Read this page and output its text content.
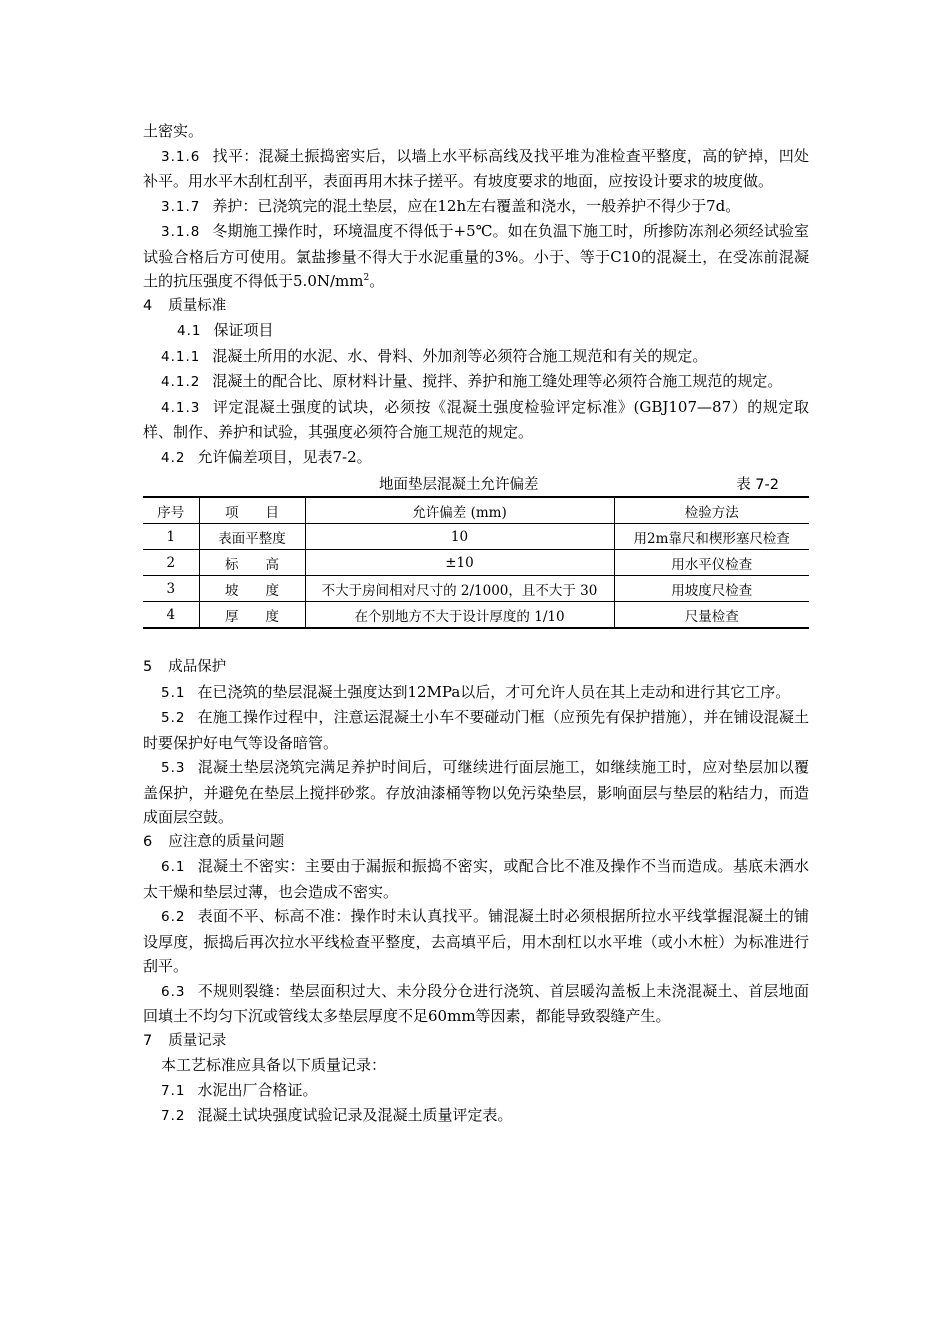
土密实。

3.1.6 找平：混凝土振捣密实后，以墙上水平标高线及找平堆为准检查平整度，高的铲掉，凹处补平。用水平木刮杠刮平，表面再用木抹子搓平。有坡度要求的地面，应按设计要求的坡度做。

3.1.7 养护：已浇筑完的混土垫层，应在12h左右覆盖和浇水，一般养护不得少于7d。

3.1.8 冬期施工操作时，环境温度不得低于+5℃。如在负温下施工时，所掺防冻剂必须经试验室试验合格后方可使用。氯盐掺量不得大于水泥重量的3%。小于、等于C10的混凝土，在受冻前混凝土的抗压强度不得低于$5.0N/mm^2$。

4 质量标准

4.1 保证项目

4.1.1 混凝土所用的水泥、水、骨料、外加剂等必须符合施工规范和有关的规定。

4.1.2 混凝土的配合比、原材料计量、搅拌、养护和施工缝处理等必须符合施工规范的规定。

4.1.3 评定混凝土强度的试块，必须按《混凝土强度检验评定标准》(GBJ107—87）的规定取样、制作、养护和试验，其强度必须符合施工规范的规定。

4.2 允许偏差项目，见表7-2。

地面垫层混凝土允许偏差	表 7-2
序号	项　　目	允许偏差 (mm)	检验方法
1	表面平整度	10	用2m靠尺和楔形塞尺检查
2	标　　高	±10	用水平仪检查
3	坡　　度	不大于房间相对尺寸的 2/1000，且不大于 30	用坡度尺检查
4	厚　　度	在个别地方不大于设计厚度的 1/10	尺量检查

5 成品保护

5.1 在已浇筑的垫层混凝土强度达到12MPa以后，才可允许人员在其上走动和进行其它工序。

5.2 在施工操作过程中，注意运混凝土小车不要碰动门框（应预先有保护措施），并在铺设混凝土时要保护好电气等设备暗管。

5.3 混凝土垫层浇筑完满足养护时间后，可继续进行面层施工，如继续施工时，应对垫层加以覆盖保护，并避免在垫层上搅拌砂浆。存放油漆桶等物以免污染垫层，影响面层与垫层的粘结力，而造成面层空鼓。

6 应注意的质量问题

6.1 混凝土不密实：主要由于漏振和振捣不密实，或配合比不准及操作不当而造成。基底未洒水太干燥和垫层过薄，也会造成不密实。

6.2 表面不平、标高不准：操作时未认真找平。铺混凝土时必须根据所拉水平线掌握混凝土的铺设厚度，振捣后再次拉水平线检查平整度，去高填平后，用木刮杠以水平堆（或小木桩）为标准进行刮平。

6.3 不规则裂缝：垫层面积过大、未分段分仓进行浇筑、首层暖沟盖板上未浇混凝土、首层地面回填土不均匀下沉或管线太多垫层厚度不足60mm等因素，都能导致裂缝产生。

7 质量记录

本工艺标准应具备以下质量记录：

7.1 水泥出厂合格证。

7.2 混凝土试块强度试验记录及混凝土质量评定表。
